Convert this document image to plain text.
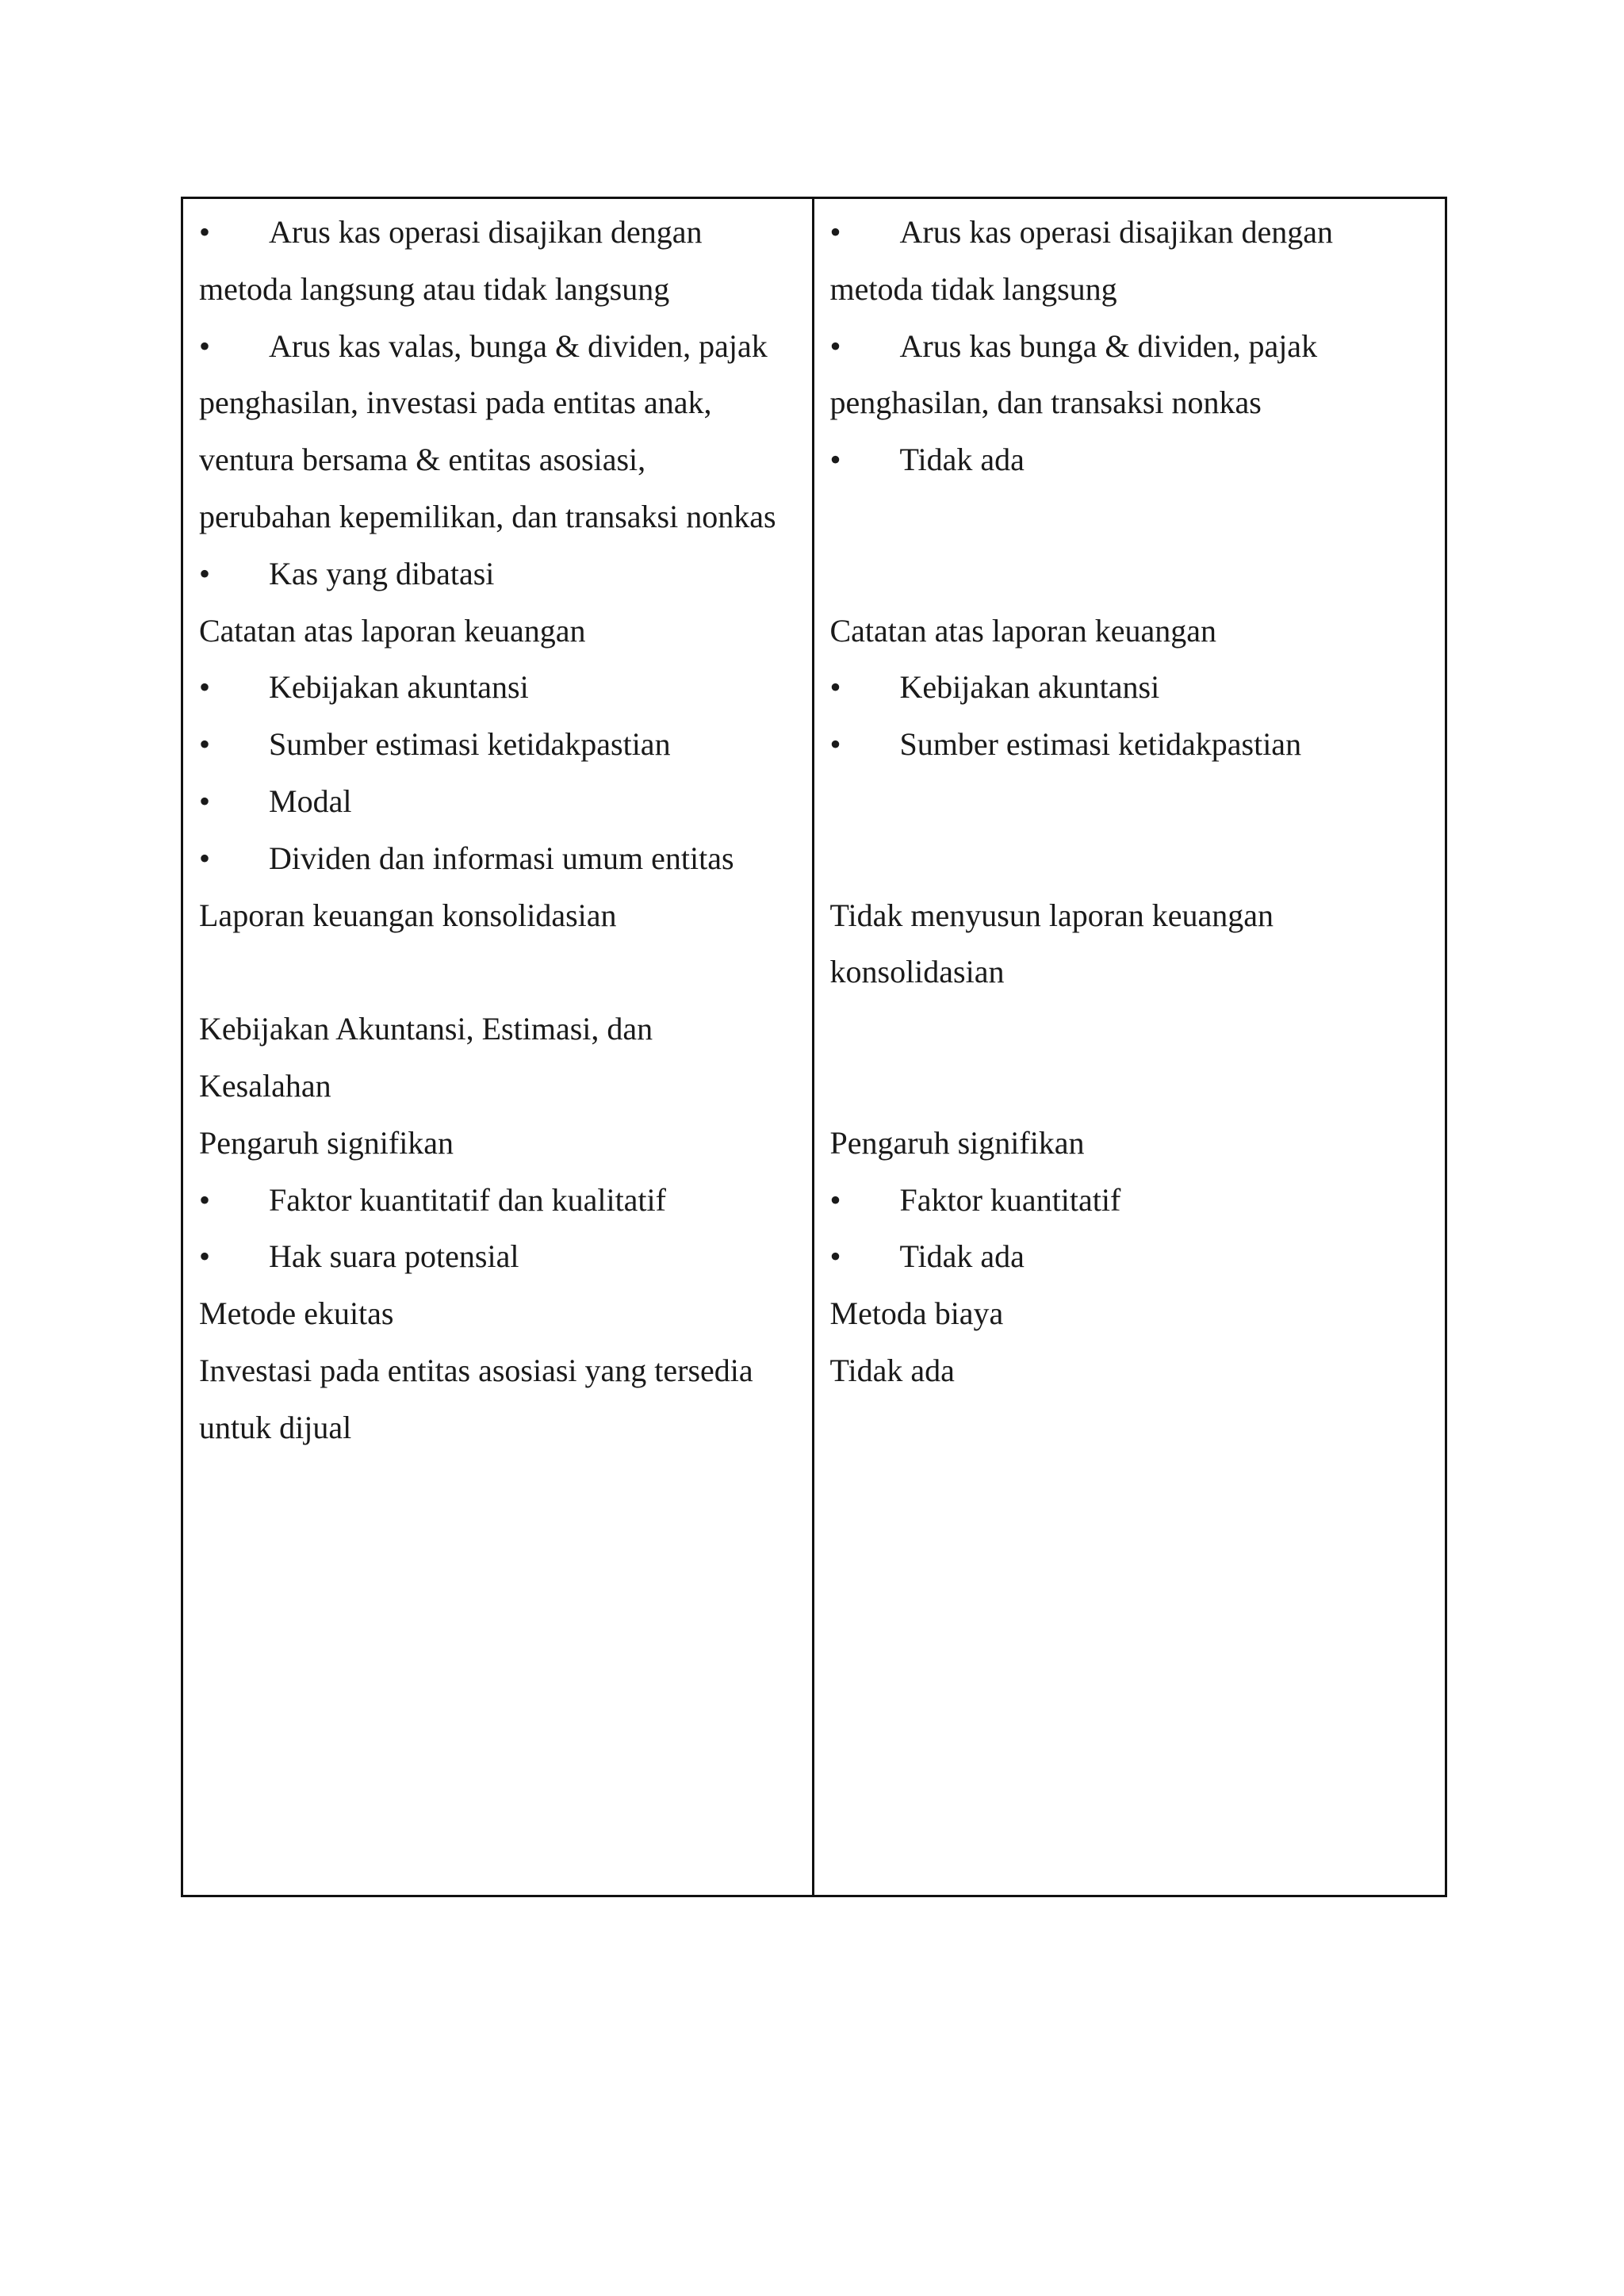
• Arus kas operasi disajikan dengan
metoda langsung atau tidak langsung
• Arus kas valas, bunga & dividen, pajak
penghasilan, investasi pada entitas anak,
ventura bersama & entitas asosiasi,
perubahan kepemilikan, dan transaksi nonkas
• Kas yang dibatasi
Catatan atas laporan keuangan
• Kebijakan akuntansi
• Sumber estimasi ketidakpastian
• Modal
• Dividen dan informasi umum entitas
Laporan keuangan konsolidasian
Kebijakan Akuntansi, Estimasi, dan
Kesalahan
Pengaruh signifikan
• Faktor kuantitatif dan kualitatif
• Hak suara potensial
Metode ekuitas
Investasi pada entitas asosiasi yang tersedia
untuk dijual
• Arus kas operasi disajikan dengan
metoda tidak langsung
• Arus kas bunga & dividen, pajak
penghasilan, dan transaksi nonkas
• Tidak ada
Catatan atas laporan keuangan
• Kebijakan akuntansi
• Sumber estimasi ketidakpastian
Tidak menyusun laporan keuangan
konsolidasian
Pengaruh signifikan
• Faktor kuantitatif
• Tidak ada
Metoda biaya
Tidak ada
